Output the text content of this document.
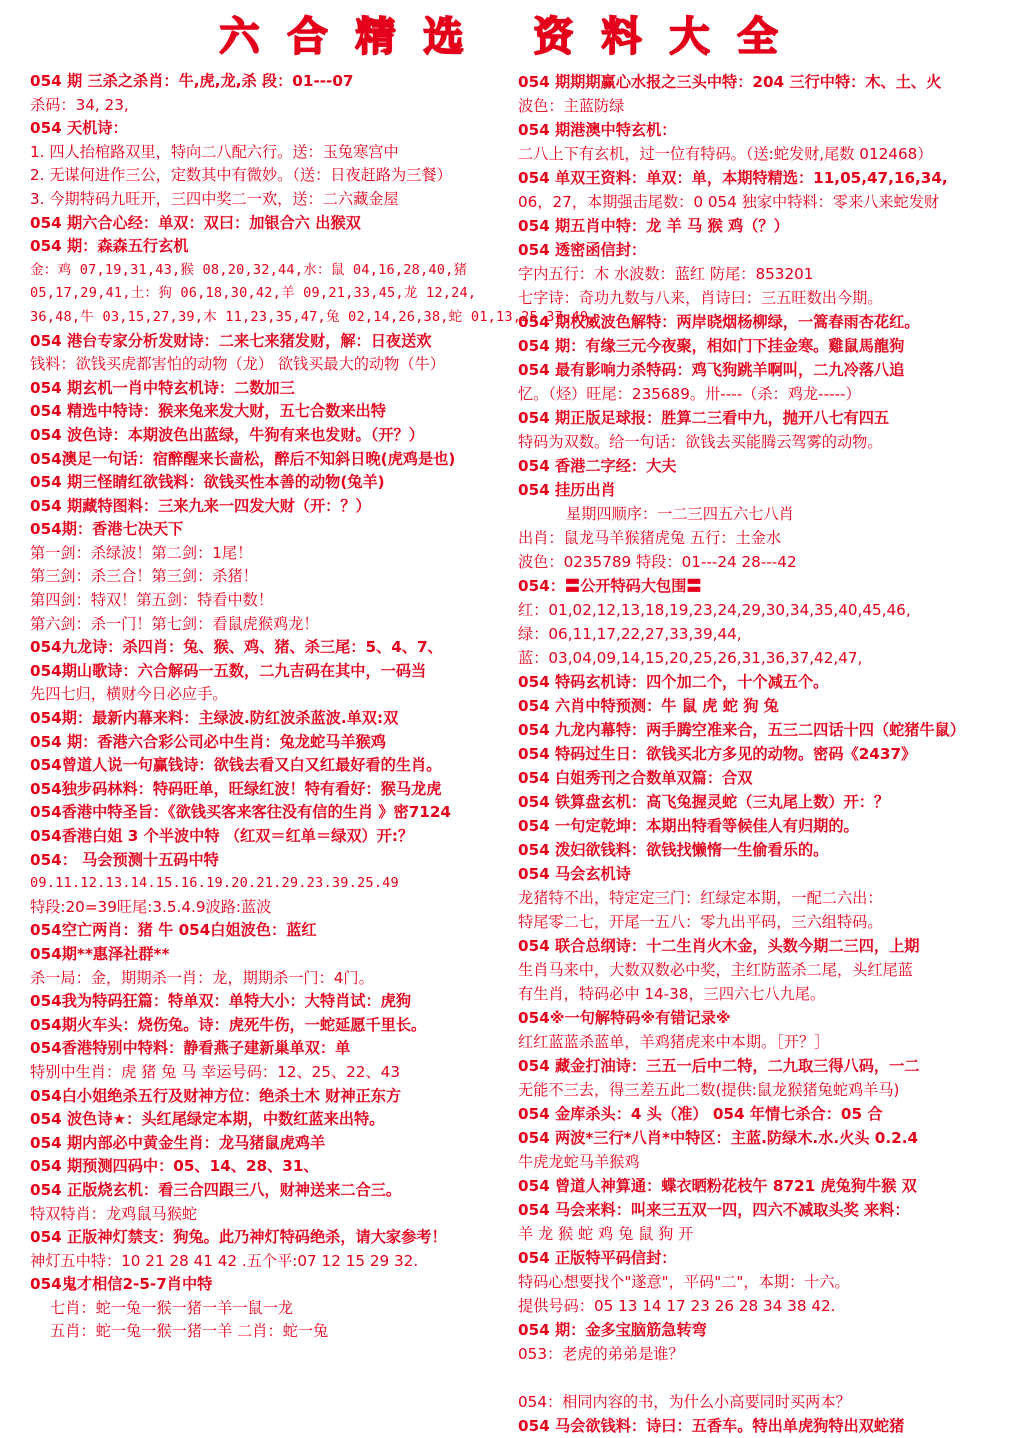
六合精选 资料大全
054 期 三杀之杀肖：牛,虎,龙,杀 段：01---07
杀码：34, 23,
054 天机诗：
1. 四人抬棺路双里，特向二八配六行。送：玉兔寒宫中
2. 无谋何进作三公，定数其中有微妙。（送：日夜赶路为三餐）
3. 今期特码九旺开，三四中奖二一欢，送：二六藏金屋
054 期六合心经：单双：双曰：加银合六 出猴双
054 期：森森五行玄机
金：鸡 07,19,31,43,猴 08,20,32,44,水：鼠 04,16,28,40,猪
05,17,29,41,土：狗 06,18,30,42,羊 09,21,33,45,龙 12,24,
36,48,牛 03,15,27,39,木 11,23,35,47,兔 02,14,26,38,蛇 01,13,25,37,49,
054 港台专家分析发财诗：二来七来猪发财，解：日夜送欢
钱料：欲钱买虎都害怕的动物（龙） 欲钱买最大的动物（牛）
054 期玄机一肖中特玄机诗：二数加三
054 精选中特诗：猴来兔来发大财，五七合数来出特
054 波色诗：本期波色出蓝绿，牛狗有来也发财。（开？）
054澳足一句话：宿醉醒来长啬松，醉后不知斜日晚(虎鸡是也)
054 期三怪睛红欲钱料：欲钱买性本善的动物(兔羊)
054 期藏特图料：三来九来一四发大财（开：？）
054期：香港七决天下
第一剑：杀绿波！第二剑：1尾！
第三剑：杀三合！第三剑：杀猪！
第四剑：特双！第五剑：特看中数！
第六剑：杀一门！第七剑：看鼠虎猴鸡龙！
054九龙诗：杀四肖：兔、猴、鸡、猪、杀三尾：5、4、7、
054期山歌诗：六合解码一五数，二九吉码在其中，一码当
先四七归，横财今日必应手。
054期：最新内幕来料：主绿波.防红波杀蓝波.单双:双
054 期：香港六合彩公司必中生肖：兔龙蛇马羊猴鸡
054曾道人说一句赢钱诗：欲钱去看又白又红最好看的生肖。
054独步码林料：特码旺单，旺绿红波！特有看好：猴马龙虎
054香港中特圣旨：《欲钱买客来客往没有信的生肖 》密7124
054香港白姐 3 个半波中特 （红双＝红单＝绿双）开:？
054： 马会预测十五码中特
09.11.12.13.14.15.16.19.20.21.29.23.39.25.49
特段:20=39旺尾:3.5.4.9波路:蓝波
054空亡两肖：猪 牛 054白姐波色：蓝红
054期**惠泽社群**
杀一局：金，期期杀一肖：龙，期期杀一门：4门。
054我为特码狂篇：特单双：单特大小：大特肖试：虎狗
054期火车头：烧伤兔。诗：虎死牛伤，一蛇延愿千里长。
054香港特别中特料：静看燕子建新巢单双：单
特别中生肖：虎 猪 兔 马 幸运号码：12、25、22、43
054白小姐绝杀五行及财神方位：绝杀土木 财神正东方
054 波色诗★：头红尾绿定本期，中数红蓝来出特。
054 期内部必中黄金生肖：龙马猪鼠虎鸡羊
054 期预测四码中：05、14、28、31、
054 正版烧玄机：看三合四跟三八，财神送来二合三。
特双特肖：龙鸡鼠马猴蛇
054 正版神灯禁支：狗兔。此乃神灯特码绝杀，请大家参考！
神灯五中特：10 21 28 41 42 .五个平:07 12 15 29 32.
054鬼才相信2-5-7肖中特
七肖：蛇一兔一猴一猪一羊一鼠一龙
五肖：蛇一兔一猴一猪一羊 二肖：蛇一兔
054 期期期赢心水报之三头中特：204 三行中特：木、土、火
波色：主蓝防绿
054 期港澳中特玄机：
二八上下有玄机，过一位有特码。（送:蛇发财,尾数 012468）
054 单双王资料：单双：单，本期特精选：11,05,47,16,34,
06，27，本期强击尾数：0 054 独家中特料：零来八来蛇发财
054 期五肖中特：龙 羊 马 猴 鸡（？）
054 透密函信封：
字内五行：木 水波数：蓝红 防尾：853201
七字诗：奇功九数与八来，肖诗曰：三五旺数出今期。
054 期权威波色解特：两岸晓烟杨柳绿，一篙春雨杏花红。
054 期：有缘三元今夜聚，相如门下挂金寒。雞鼠馬龍狗
054 最有影响力杀特码：鸡飞狗跳羊啊叫，二九冷落八追
忆。（烃）旺尾：235689。卅----（杀：鸡龙-----）
054 期正版足球报：胜算二三看中九，抛开八七有四五
特码为双数。给一句话：欲钱去买能腾云驾雾的动物。
054 香港二字经：大夫
054 挂历出肖
星期四顺序：一二三四五六七八肖
出肖：鼠龙马羊猴猪虎兔 五行：土金水
波色：0235789 特段：01---24 28---42
054：〓公开特码大包围〓
红：01,02,12,13,18,19,23,24,29,30,34,35,40,45,46,
绿：06,11,17,22,27,33,39,44,
蓝：03,04,09,14,15,20,25,26,31,36,37,42,47,
054 特码玄机诗：四个加二个，十个减五个。
054 六肖中特预测：牛 鼠 虎 蛇 狗 兔
054 九龙内幕特：两手腾空准来合，五三二四话十四（蛇猪牛鼠）
054 特码过生日：欲钱买北方多见的动物。密码《2437》
054 白姐秀刊之合数单双篇：合双
054 铁算盘玄机：高飞兔握灵蛇（三丸尾上数）开：？
054 一句定乾坤：本期出特看等候佳人有归期的。
054 泼妇欲钱料：欲钱找懒惰一生偷看乐的。
054 马会玄机诗
龙猪特不出，特定定三门：红绿定本期，一配二六出：
特尾零二七，开尾一五八：零九出平码，三六组特码。
054 联合总纲诗：十二生肖火木金，头数今期二三四，上期
生肖马来中，大数双数必中奖，主红防蓝杀二尾，头红尾蓝
有生肖，特码必中 14-38，三四六七八九尾。
054※一句解特码※有错记录※
红红蓝蓝杀蓝单，羊鸡猪虎来中本期。［开？］
054 藏金打油诗：三五一后中二特，二九取三得八码，一二
无能不三去，得三差五此二数(提供:鼠龙猴猪兔蛇鸡羊马)
054 金库杀头：4 头（准） 054 年情七杀合：05 合
054 两波*三行*八肖*中特区：主蓝.防绿木.水.火头 0.2.4
牛虎龙蛇马羊猴鸡
054 曾道人神算通：蝶衣晒粉花枝午 8721 虎兔狗牛猴 双
054 马会来料：叫来三五双一四，四六不减取头奖 来料：
羊 龙 猴 蛇 鸡 兔 鼠 狗 开
054 正版特平码信封：
特码心想要找个"遂意"，平码"二"，本期：十六。
提供号码：05 13 14 17 23 26 28 34 38 42.
054 期：金多宝脑筋急转弯
053：老虎的弟弟是谁？
054：相同内容的书，为什么小高要同时买两本？
054 马会欲钱料：诗曰：五香车。特出单虎狗特出双蛇猪
